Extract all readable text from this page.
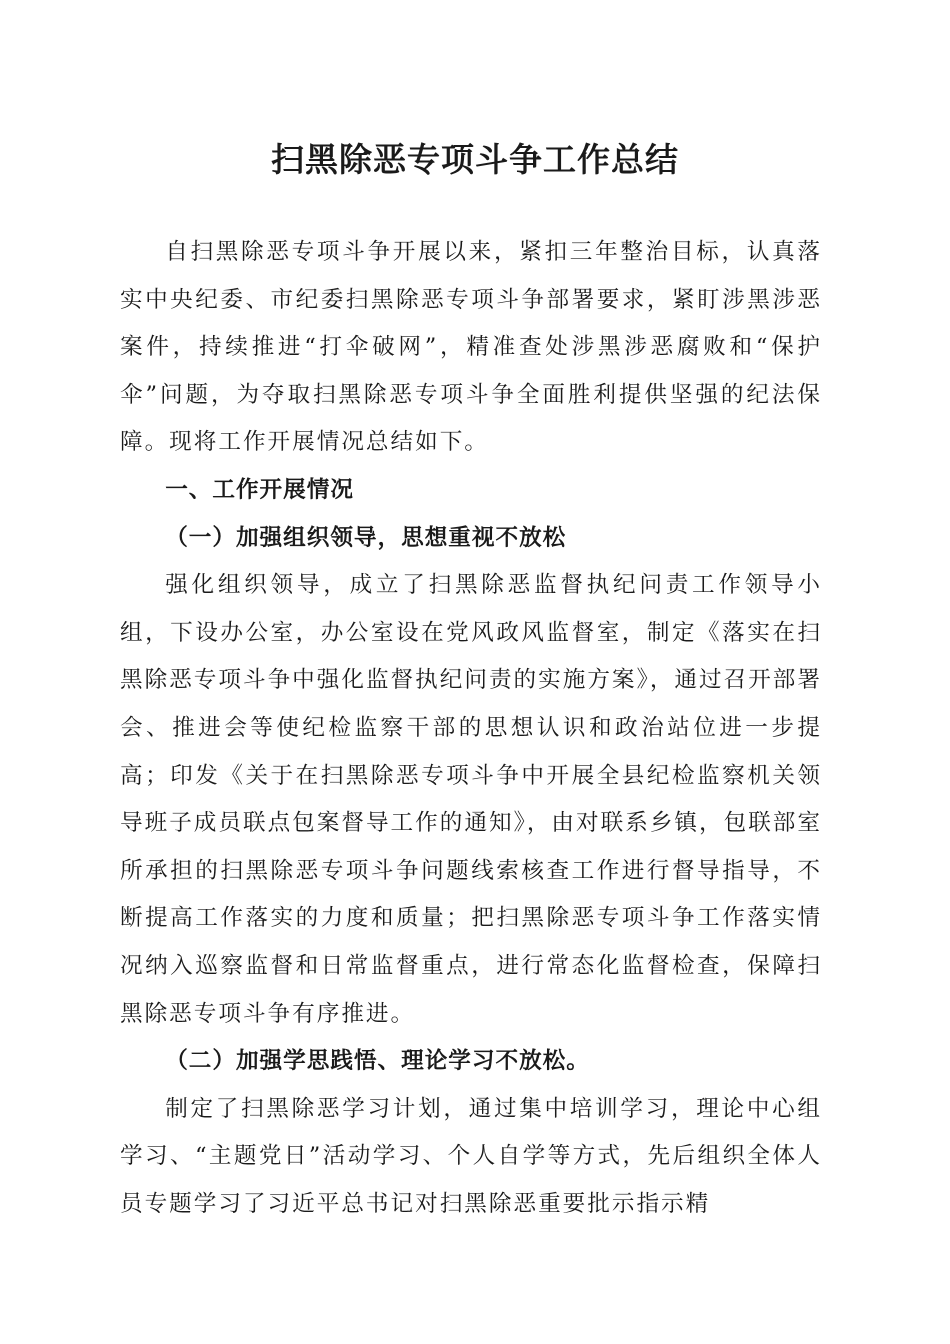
扫黑除恶专项斗争工作总结

自扫黑除恶专项斗争开展以来，紧扣三年整治目标，认真落实中央纪委、市纪委扫黑除恶专项斗争部署要求，紧盯涉黑涉恶案件，持续推进“打伞破网”，精准查处涉黑涉恶腐败和“保护伞”问题，为夺取扫黑除恶专项斗争全面胜利提供坚强的纪法保障。现将工作开展情况总结如下。

一、工作开展情况

（一）加强组织领导，思想重视不放松

强化组织领导，成立了扫黑除恶监督执纪问责工作领导小组，下设办公室，办公室设在党风政风监督室，制定《落实在扫黑除恶专项斗争中强化监督执纪问责的实施方案》，通过召开部署会、推进会等使纪检监察干部的思想认识和政治站位进一步提高；印发《关于在扫黑除恶专项斗争中开展全县纪检监察机关领导班子成员联点包案督导工作的通知》，由对联系乡镇，包联部室所承担的扫黑除恶专项斗争问题线索核查工作进行督导指导，不断提高工作落实的力度和质量；把扫黑除恶专项斗争工作落实情况纳入巡察监督和日常监督重点，进行常态化监督检查，保障扫黑除恶专项斗争有序推进。

（二）加强学思践悟、理论学习不放松。

制定了扫黑除恶学习计划，通过集中培训学习，理论中心组学习、“主题党日”活动学习、个人自学等方式，先后组织全体人员专题学习了习近平总书记对扫黑除恶重要批示指示精
